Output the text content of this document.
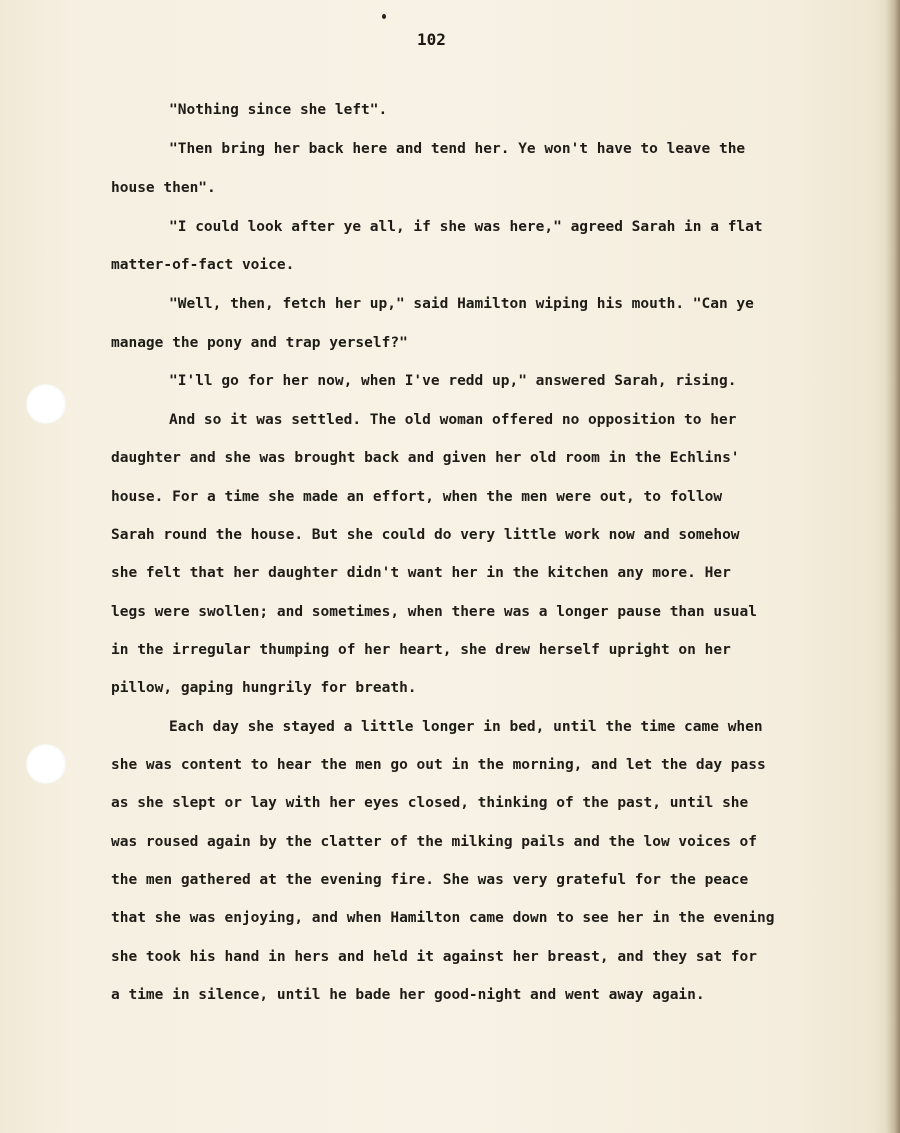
102
"Nothing since she left".
"Then bring her back here and tend her. Ye won't have to leave the
house then".
"I could look after ye all, if she was here," agreed Sarah in a flat
matter-of-fact voice.
"Well, then, fetch her up," said Hamilton wiping his mouth. "Can ye
manage the pony and trap yerself?"
"I'll go for her now, when I've redd up," answered Sarah, rising.
And so it was settled. The old woman offered no opposition to her
daughter and she was brought back and given her old room in the Echlins'
house. For a time she made an effort, when the men were out, to follow
Sarah round the house. But she could do very little work now and somehow
she felt that her daughter didn't want her in the kitchen any more. Her
legs were swollen; and sometimes, when there was a longer pause than usual
in the irregular thumping of her heart, she drew herself upright on her
pillow, gaping hungrily for breath.
Each day she stayed a little longer in bed, until the time came when
she was content to hear the men go out in the morning, and let the day pass
as she slept or lay with her eyes closed, thinking of the past, until she
was roused again by the clatter of the milking pails and the low voices of
the men gathered at the evening fire. She was very grateful for the peace
that she was enjoying, and when Hamilton came down to see her in the evening
she took his hand in hers and held it against her breast, and they sat for
a time in silence, until he bade her good-night and went away again.
